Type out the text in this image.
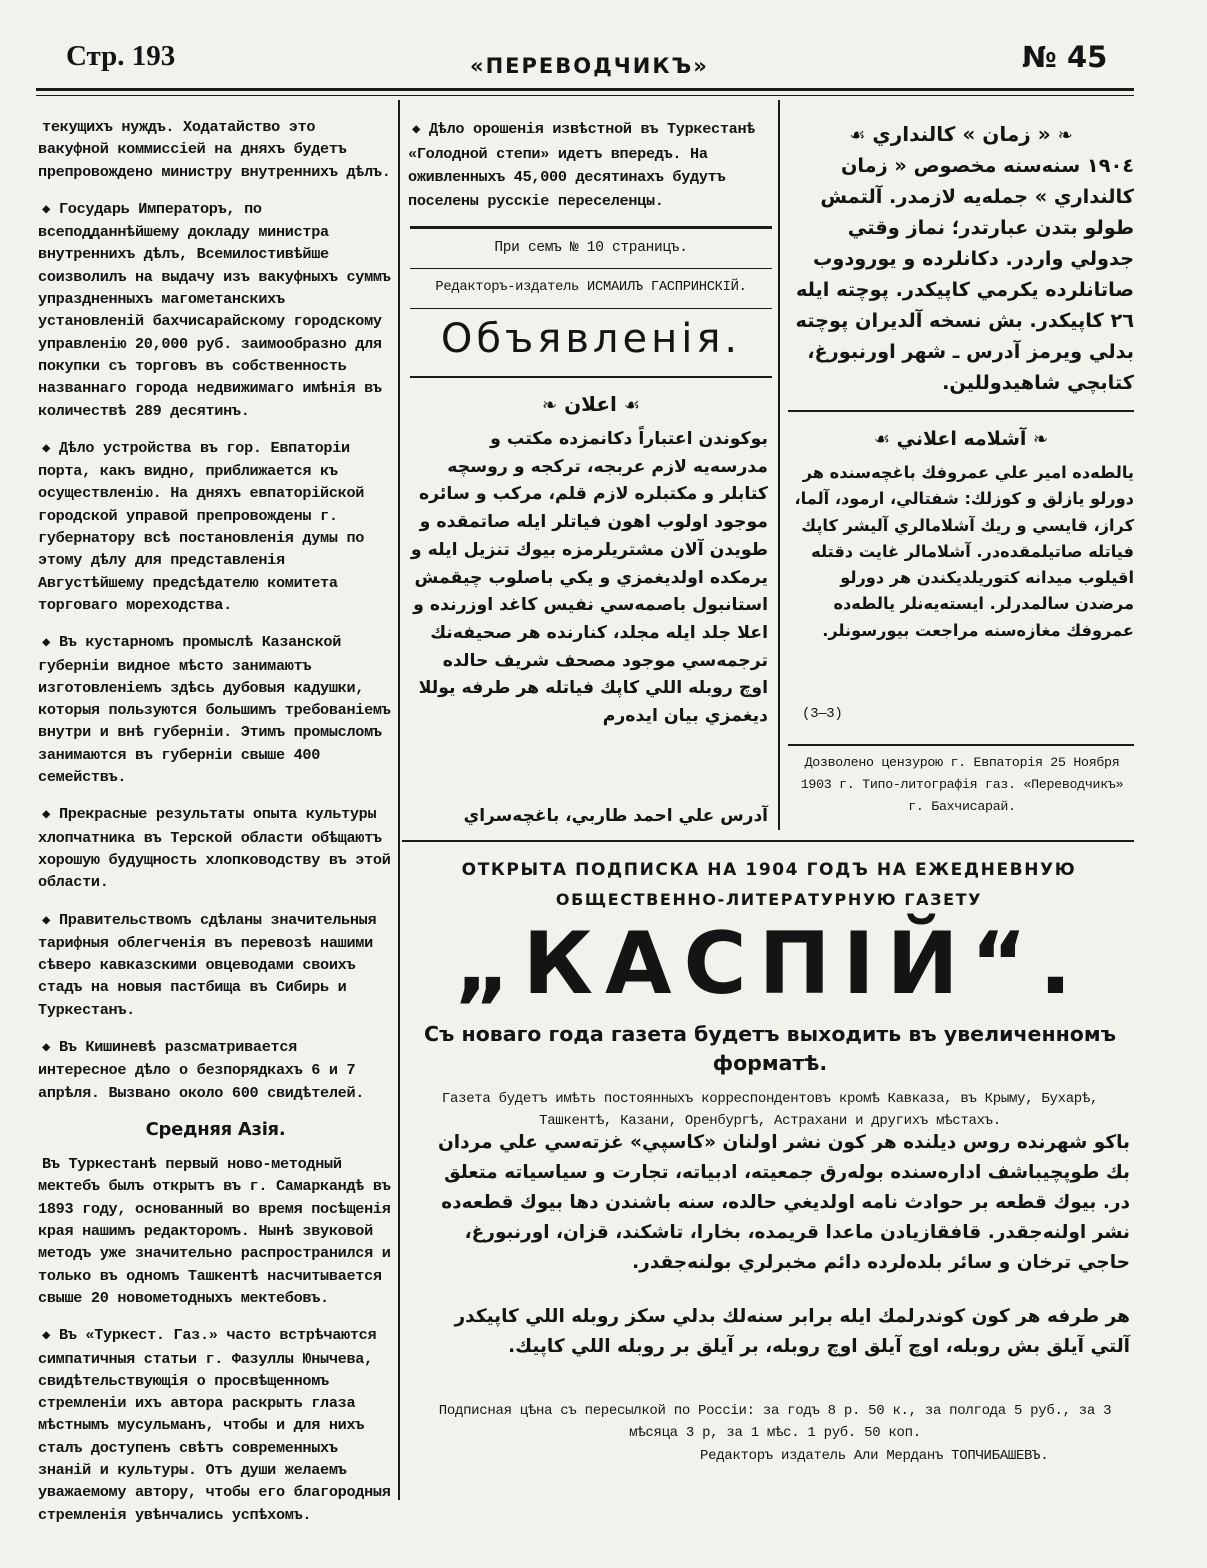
Стр. 193	«ПЕРЕВОДЧИКЪ»	№ 45

текущихъ нуждъ. Ходатайство это вакуфной коммиссiей на дняхъ будетъ препровождено министру внутреннихъ дѣлъ.

◆ Государь Императоръ, по всеподданнѣйшему докладу министра внутреннихъ дѣлъ, Всемилостивѣйше соизволилъ на выдачу изъ вакуфныхъ суммъ упраздненныхъ магометанскихъ установленiй бахчисарайскому городскому управленiю 20,000 руб. заимообразно для покупки съ торговъ въ собственность названнаго города недвижимаго имѣнiя въ количествѣ 289 десятинъ.

◆ Дѣло устройства въ гор. Евпаторiи порта, какъ видно, приближается къ осуществленiю. На дняхъ евпаторiйской городской управой препровождены г. губернатору всѣ постановленiя думы по этому дѣлу для представленiя Августѣйшему предсѣдателю комитета торговаго мореходства.

◆ Въ кустарномъ промыслѣ Казанской губернiи видное мѣсто занимаютъ изготовленiемъ здѣсь дубовыя кадушки, которыя пользуются большимъ требованiемъ внутри и внѣ губернiи. Этимъ промысломъ занимаются въ губернiи свыше 400 семействъ.

◆ Прекрасные результаты опыта культуры хлопчатника въ Терской области обѣщаютъ хорошую будущность хлопководству въ этой области.

◆ Правительствомъ сдѣланы значительныя тарифныя облегченiя въ перевозѣ нашими сѣверо кавказскими овцеводами своихъ стадъ на новыя пастбища въ Сибирь и Туркестанъ.

◆ Въ Кишиневѣ разсматривается интересное дѣло о безпорядкахъ 6 и 7 апрѣля. Вызвано около 600 свидѣтелей.

Средняя Азiя.

Въ Туркестанѣ первый ново-методный мектебъ былъ открытъ въ г. Самаркандѣ въ 1893 году, основанный во время посѣщенiя края нашимъ редакторомъ. Нынѣ звуковой методъ уже значительно распространился и только въ одномъ Ташкентѣ насчитывается свыше 20 новометодныхъ мектебовъ.

◆ Въ «Туркест. Газ.» часто встрѣчаются симпатичныя статьи г. Фазуллы Юнычева, свидѣтельствующiя о просвѣщенномъ стремленiи ихъ автора раскрыть глаза мѣстнымъ мусульманъ, чтобы и для нихъ сталъ доступенъ свѣтъ современныхъ знанiй и культуры. Отъ души желаемъ уважаемому автору, чтобы его благородныя стремленiя увѣнчались успѣхомъ.

◆ Дѣло орошенiя извѣстной въ Туркестанѣ «Голодной степи» идетъ впередъ. На оживленныхъ 45,000 десятинахъ будутъ поселены русскiе переселенцы.

При семъ № 10 страницъ.
Редакторъ-издатель ИСМАИЛЪ ГАСПРИНСКIЙ.
Объявленiя.
❧ اعلان ☙
بوكوندن اعتباراً دكانمزده مكتب و مدرسه‌يه لازم عربجه، تركجه و روسچه كتابلر و مكتبلره لازم قلم، مركب و سائره موجود اولوب اهون فياتلر ايله صاتمقده و طويدن آلان مشتريلرمزه بيوك تنزيل ايله و يرمكده اولديغمزي و يكي باصلوب چيقمش استانبول باصمه‌سي نفيس كاغد اوزرنده و اعلا جلد ايله مجلد، كنارنده هر صحيفه‌نك ترجمه‌سي موجود مصحف شريف حالده اوچ روبله اللي كاپك فياتله هر طرفه يوللا ديغمزي بيان ايده‌رم
آدرس علي احمد طاربي، باغچه‌سراي
❧ « زمان » كالنداري ☙
١٩٠٤ سنه‌سنه مخصوص « زمان كالنداري » جمله‌يه لازمدر. آلتمش طولو بتدن عبارتدر؛ نماز وقتي جدولي واردر. دكانلرده و يورودوب صاتانلرده يكرمي كاپيكدر. پوچته ايله ٢٦ كاپيكدر. بش نسخه آلديران پوچته بدلي ويرمز آدرس ـ شهر اورنبورغ، كتابچي شاهيدوللين.
❧ آشلامه اعلاني ☙
يالطه‌ده امير علي عمروفك باغچه‌سنده هر دورلو يازلق و كوزلك: شفتالي، ارمود، آلما، كراز، قايسي و ريك آشلامالري آليشر كاپك فياتله صاتيلمقده‌در. آشلامالر غايت دقتله اقيلوب ميدانه كتوريلديكندن هر دورلو مرضدن سالمدرلر. ايسته‌يه‌نلر يالطه‌ده عمروفك مغازه‌سنه مراجعت بيورسونلر.
(3—3)
Дозволено цензурою г. Евпаторiя 25 Ноября 1903 г. Типо-литографiя газ. «Переводчикъ» г. Бахчисарай.
ОТКРЫТА ПОДПИСКА НА 1904 ГОДЪ НА ЕЖЕДНЕВНУЮ
ОБЩЕСТВЕННО-ЛИТЕРАТУРНУЮ ГАЗЕТУ
„КАСПIЙ“.
Съ новаго года газета будетъ выходить въ увеличенномъ форматѣ.
Газета будетъ имѣть постоянныхъ корреспондентовъ кромѣ Кавказа, въ Крыму, Бухарѣ, Ташкентѣ, Казани, Оренбургѣ, Астрахани и другихъ мѣстахъ.
باكو شهرنده روس ديلنده هر كون نشر اولنان «كاسپي» غزته‌سي علي مردان بك طوپچيباشف اداره‌سنده بوله‌رق جمعيته، ادبياته، تجارت و سياسياته متعلق در. بيوك قطعه بر حوادث نامه اولديغي حالده، سنه باشندن دها بيوك قطعه‌ده نشر اولنه‌جقدر. قافقازيادن ماعدا قريمده، بخارا، تاشكند، قزان، اورنبورغ، حاجي ترخان و سائر بلده‌لرده دائم مخبرلري بولنه‌جقدر.
هر طرفه هر كون كوندرلمك ايله برابر سنه‌لك بدلي سكز روبله اللي كاپيكدر آلتي آيلق بش روبله، اوچ آيلق اوچ روبله، بر آيلق بر روبله اللي كاپيك.
Подписная цѣна съ пересылкой по Россiи: за годъ 8 р. 50 к., за полгода 5 руб., за 3 мѣсяца 3 р, за 1 мѣс. 1 руб. 50 коп.
Редакторъ издатель Али Мерданъ ТОПЧИБАШЕВЪ.
